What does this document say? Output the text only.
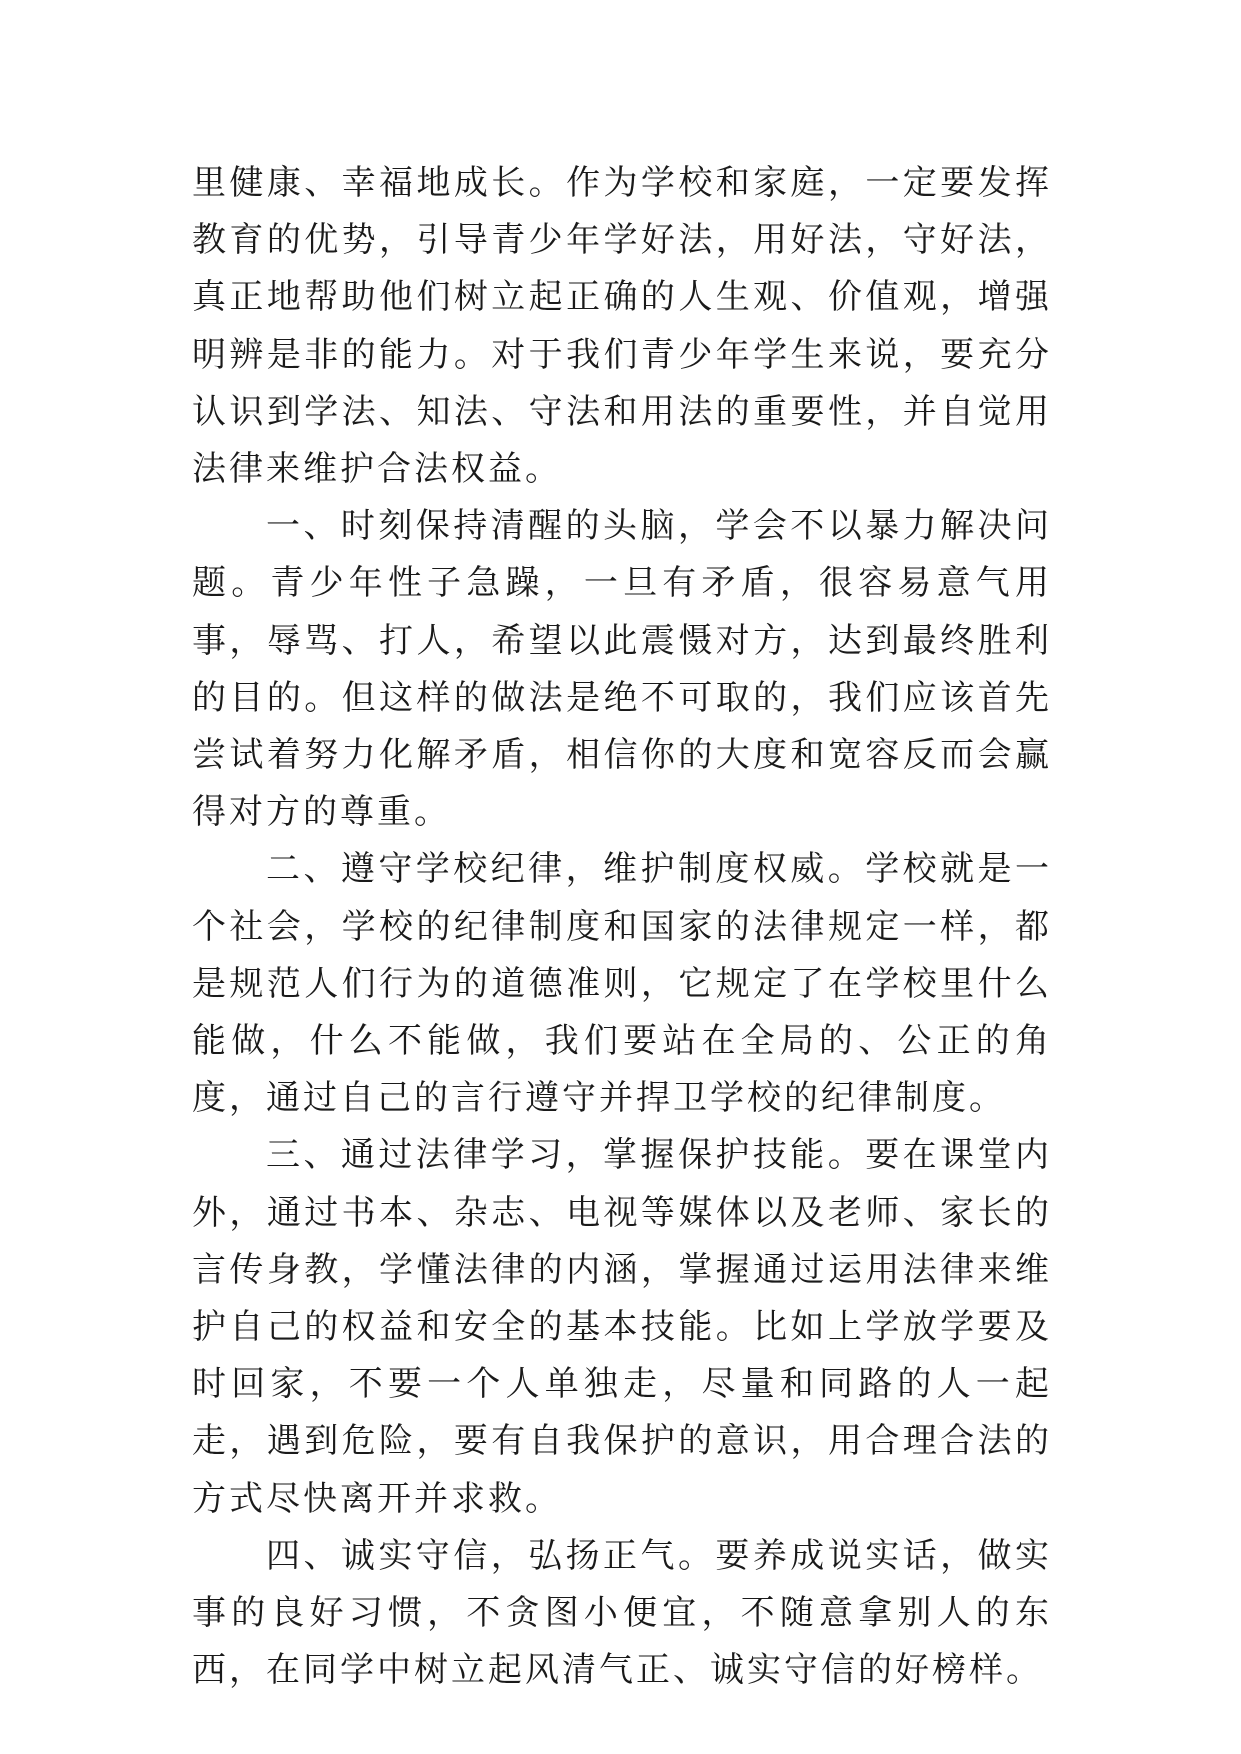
里健康、幸福地成长。作为学校和家庭，一定要发挥教育的优势，引导青少年学好法，用好法，守好法，真正地帮助他们树立起正确的人生观、价值观，增强明辨是非的能力。对于我们青少年学生来说，要充分认识到学法、知法、守法和用法的重要性，并自觉用法律来维护合法权益。

一、时刻保持清醒的头脑，学会不以暴力解决问题。青少年性子急躁，一旦有矛盾，很容易意气用事，辱骂、打人，希望以此震慑对方，达到最终胜利的目的。但这样的做法是绝不可取的，我们应该首先尝试着努力化解矛盾，相信你的大度和宽容反而会赢得对方的尊重。

二、遵守学校纪律，维护制度权威。学校就是一个社会，学校的纪律制度和国家的法律规定一样，都是规范人们行为的道德准则，它规定了在学校里什么能做，什么不能做，我们要站在全局的、公正的角度，通过自己的言行遵守并捍卫学校的纪律制度。

三、通过法律学习，掌握保护技能。要在课堂内外，通过书本、杂志、电视等媒体以及老师、家长的言传身教，学懂法律的内涵，掌握通过运用法律来维护自己的权益和安全的基本技能。比如上学放学要及时回家，不要一个人单独走，尽量和同路的人一起走，遇到危险，要有自我保护的意识，用合理合法的方式尽快离开并求救。

四、诚实守信，弘扬正气。要养成说实话，做实事的良好习惯，不贪图小便宜，不随意拿别人的东西，在同学中树立起风清气正、诚实守信的好榜样。
